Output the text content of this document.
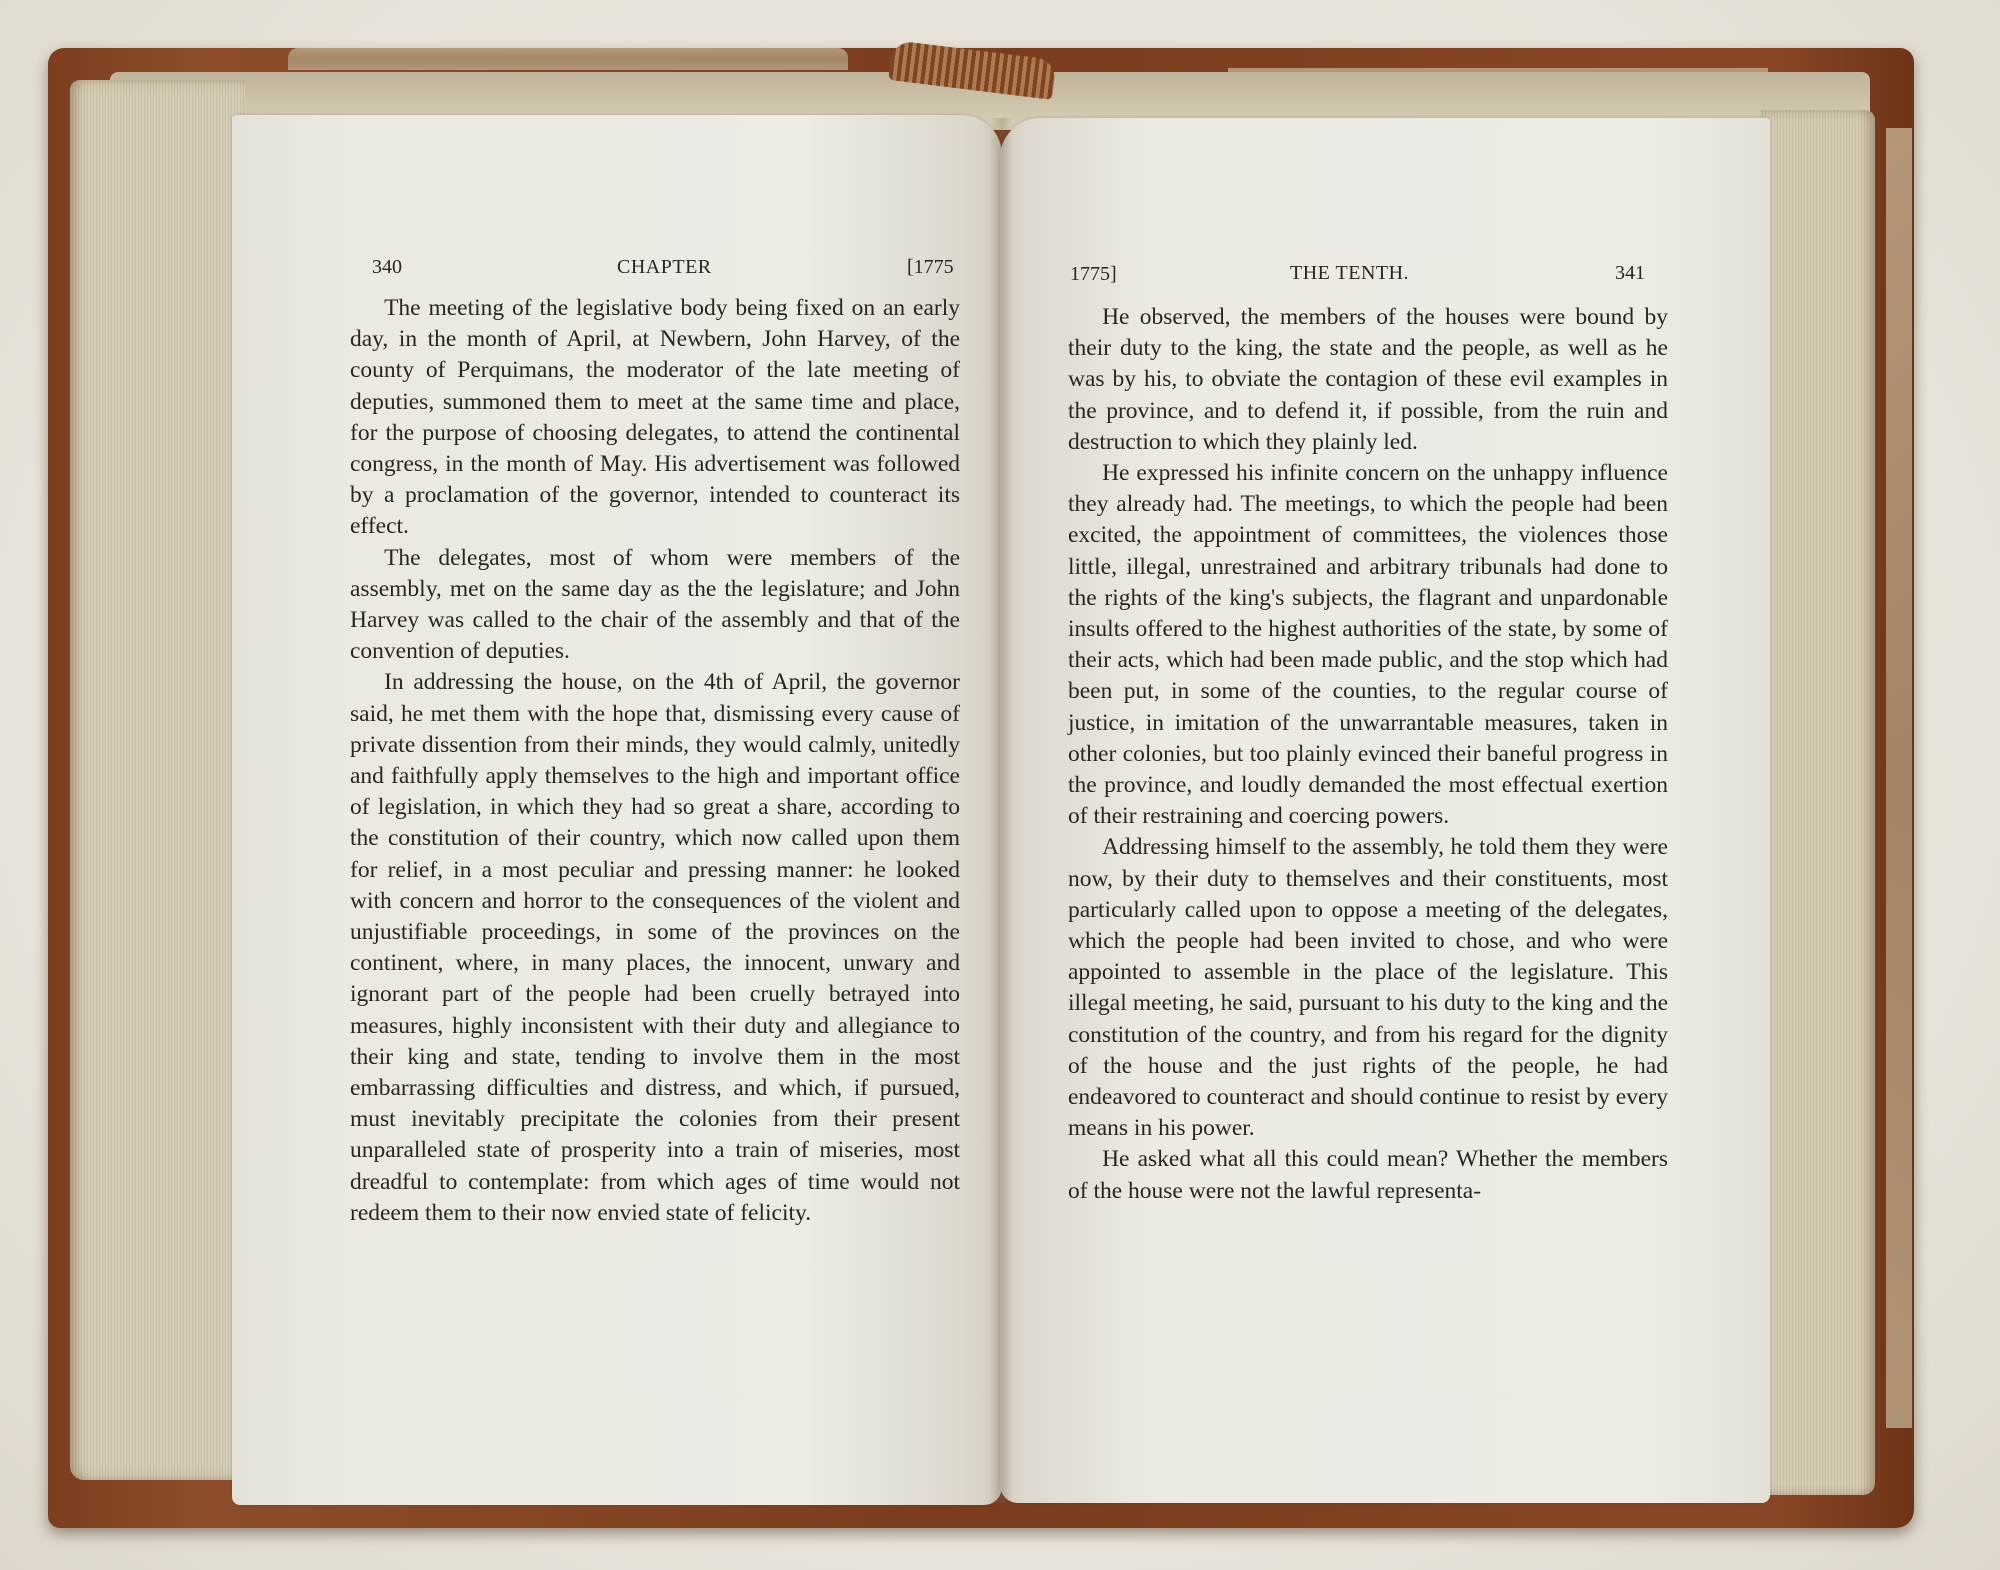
340	CHAPTER	[1775

The meeting of the legislative body being fixed on an early day, in the month of April, at Newbern, John Harvey, of the county of Perquimans, the moderator of the late meeting of deputies, summoned them to meet at the same time and place, for the purpose of choosing delegates, to attend the continental congress, in the month of May. His advertisement was followed by a proclamation of the governor, intended to counteract its effect.

The delegates, most of whom were members of the assembly, met on the same day as the the legislature; and John Harvey was called to the chair of the assembly and that of the convention of deputies.

In addressing the house, on the 4th of April, the governor said, he met them with the hope that, dismissing every cause of private dissention from their minds, they would calmly, unitedly and faithfully apply themselves to the high and important office of legislation, in which they had so great a share, according to the constitution of their country, which now called upon them for relief, in a most peculiar and pressing manner: he looked with concern and horror to the consequences of the violent and unjustifiable proceedings, in some of the provinces on the continent, where, in many places, the innocent, unwary and ignorant part of the people had been cruelly betrayed into measures, highly inconsistent with their duty and allegiance to their king and state, tending to involve them in the most embarrassing difficulties and distress, and which, if pursued, must inevitably precipitate the colonies from their present unparalleled state of prosperity into a train of miseries, most dreadful to contemplate: from which ages of time would not redeem them to their now envied state of felicity.

1775]	THE TENTH.	341

He observed, the members of the houses were bound by their duty to the king, the state and the people, as well as he was by his, to obviate the contagion of these evil examples in the province, and to defend it, if possible, from the ruin and destruction to which they plainly led.

He expressed his infinite concern on the unhappy influence they already had. The meetings, to which the people had been excited, the appointment of committees, the violences those little, illegal, unrestrained and arbitrary tribunals had done to the rights of the king's subjects, the flagrant and unpardonable insults offered to the highest authorities of the state, by some of their acts, which had been made public, and the stop which had been put, in some of the counties, to the regular course of justice, in imitation of the unwarrantable measures, taken in other colonies, but too plainly evinced their baneful progress in the province, and loudly demanded the most effectual exertion of their restraining and coercing powers.

Addressing himself to the assembly, he told them they were now, by their duty to themselves and their constituents, most particularly called upon to oppose a meeting of the delegates, which the people had been invited to chose, and who were appointed to assemble in the place of the legislature. This illegal meeting, he said, pursuant to his duty to the king and the constitution of the country, and from his regard for the dignity of the house and the just rights of the people, he had endeavored to counteract and should continue to resist by every means in his power.

He asked what all this could mean? Whether the members of the house were not the lawful representa-
